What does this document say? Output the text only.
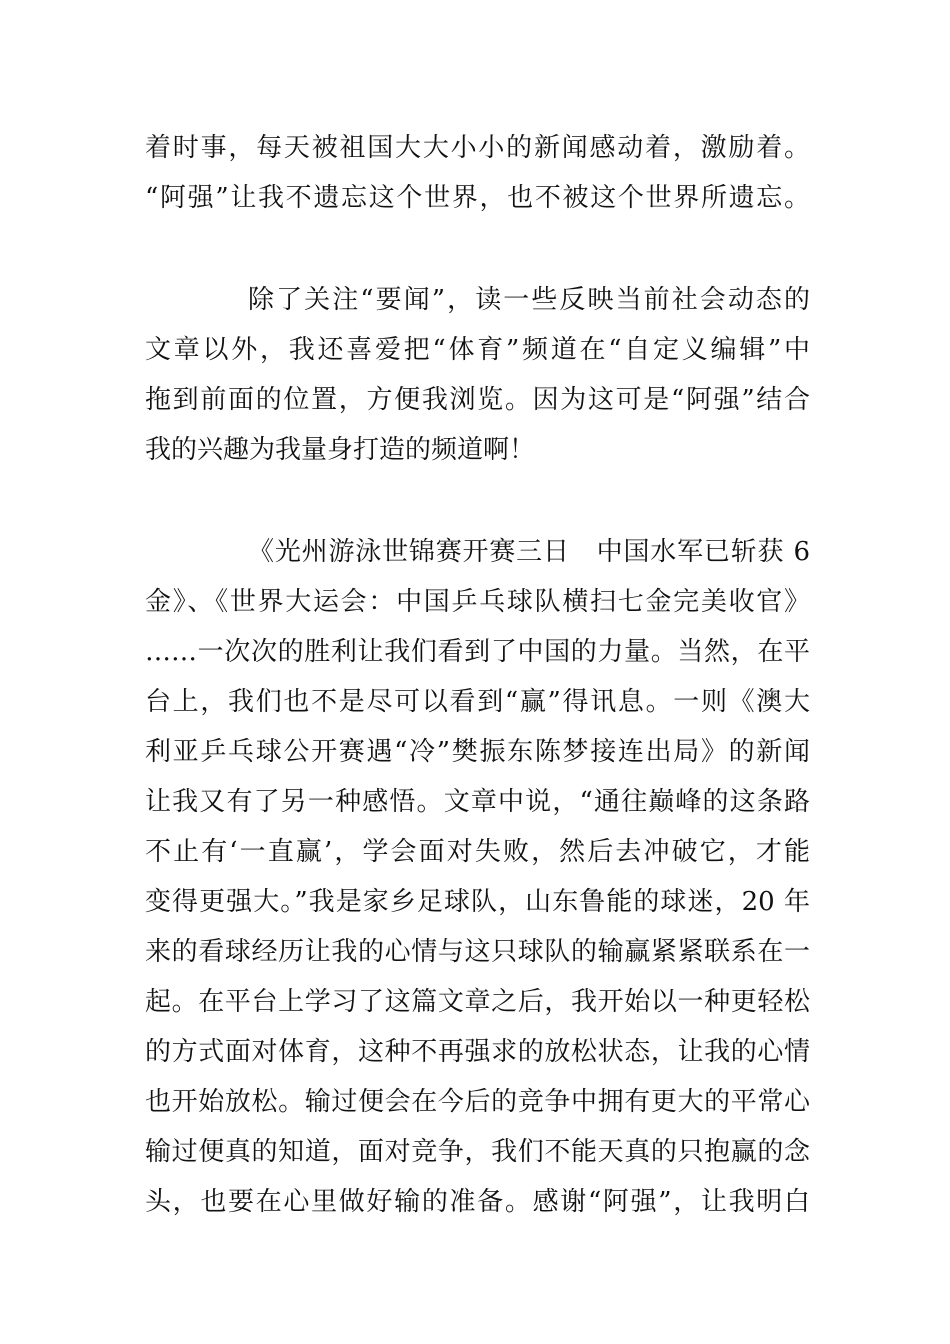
着时事，每天被祖国大大小小的新闻感动着，激励着。
“阿强”让我不遗忘这个世界，也不被这个世界所遗忘。
除了关注“要闻”，读一些反映当前社会动态的
文章以外，我还喜爱把“体育”频道在“自定义编辑”中
拖到前面的位置，方便我浏览。因为这可是“阿强”结合
我的兴趣为我量身打造的频道啊！
《光州游泳世锦赛开赛三日　中国水军已斩获 6
金》、《世界大运会：中国乒乓球队横扫七金完美收官》
……一次次的胜利让我们看到了中国的力量。当然，在平
台上，我们也不是尽可以看到“赢”得讯息。一则《澳大
利亚乒乓球公开赛遇“冷”樊振东陈梦接连出局》的新闻
让我又有了另一种感悟。文章中说，“通往巅峰的这条路
不止有‘一直赢’，学会面对失败，然后去冲破它，才能
变得更强大。”我是家乡足球队，山东鲁能的球迷，20 年
来的看球经历让我的心情与这只球队的输赢紧紧联系在一
起。在平台上学习了这篇文章之后，我开始以一种更轻松
的方式面对体育，这种不再强求的放松状态，让我的心情
也开始放松。输过便会在今后的竞争中拥有更大的平常心
输过便真的知道，面对竞争，我们不能天真的只抱赢的念
头，也要在心里做好输的准备。感谢“阿强”，让我明白
